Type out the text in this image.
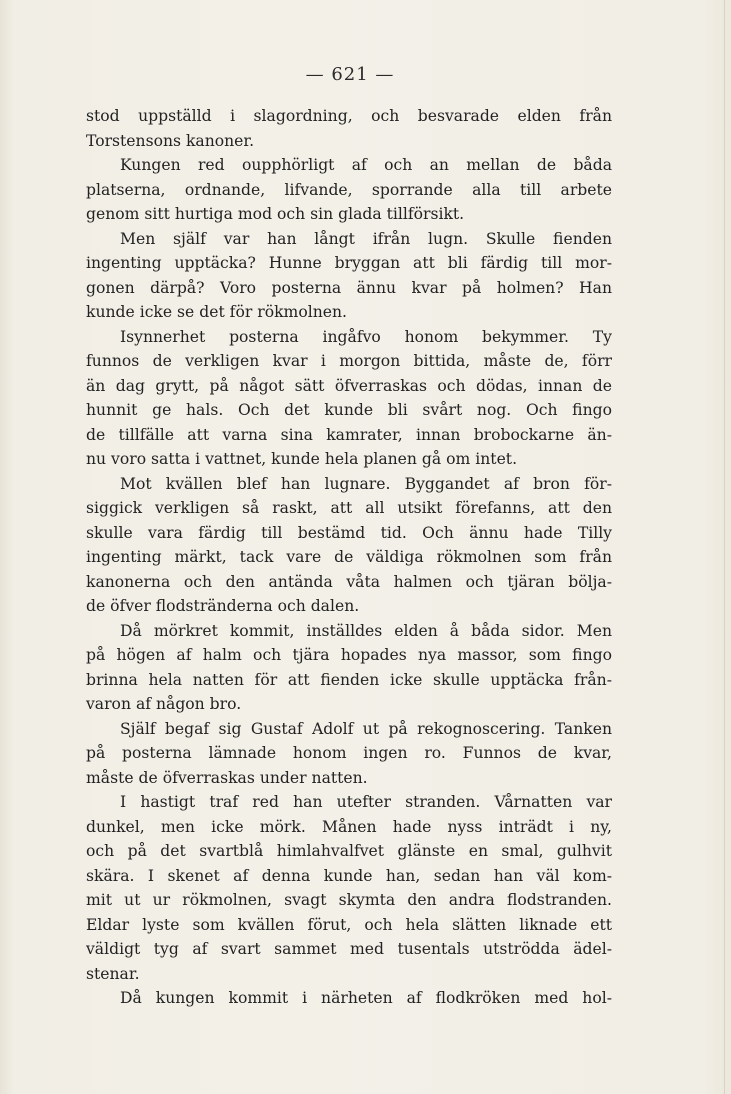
— 621 —
stod uppställd i slagordning, och besvarade elden från
Torstensons kanoner.
Kungen red oupphörligt af och an mellan de båda
platserna, ordnande, lifvande, sporrande alla till arbete
genom sitt hurtiga mod och sin glada tillförsikt.
Men själf var han långt ifrån lugn. Skulle fienden
ingenting upptäcka? Hunne bryggan att bli färdig till mor-
gonen därpå? Voro posterna ännu kvar på holmen? Han
kunde icke se det för rökmolnen.
Isynnerhet posterna ingåfvo honom bekymmer. Ty
funnos de verkligen kvar i morgon bittida, måste de, förr
än dag grytt, på något sätt öfverraskas och dödas, innan de
hunnit ge hals. Och det kunde bli svårt nog. Och fingo
de tillfälle att varna sina kamrater, innan brobockarne än-
nu voro satta i vattnet, kunde hela planen gå om intet.
Mot kvällen blef han lugnare. Byggandet af bron för-
siggick verkligen så raskt, att all utsikt förefanns, att den
skulle vara färdig till bestämd tid. Och ännu hade Tilly
ingenting märkt, tack vare de väldiga rökmolnen som från
kanonerna och den antända våta halmen och tjäran bölja-
de öfver flodstränderna och dalen.
Då mörkret kommit, inställdes elden å båda sidor. Men
på högen af halm och tjära hopades nya massor, som fingo
brinna hela natten för att fienden icke skulle upptäcka från-
varon af någon bro.
Själf begaf sig Gustaf Adolf ut på rekognoscering. Tanken
på posterna lämnade honom ingen ro. Funnos de kvar,
måste de öfverraskas under natten.
I hastigt traf red han utefter stranden. Vårnatten var
dunkel, men icke mörk. Månen hade nyss inträdt i ny,
och på det svartblå himlahvalfvet glänste en smal, gulhvit
skära. I skenet af denna kunde han, sedan han väl kom-
mit ut ur rökmolnen, svagt skymta den andra flodstranden.
Eldar lyste som kvällen förut, och hela slätten liknade ett
väldigt tyg af svart sammet med tusentals utströdda ädel-
stenar.
Då kungen kommit i närheten af flodkröken med hol-
